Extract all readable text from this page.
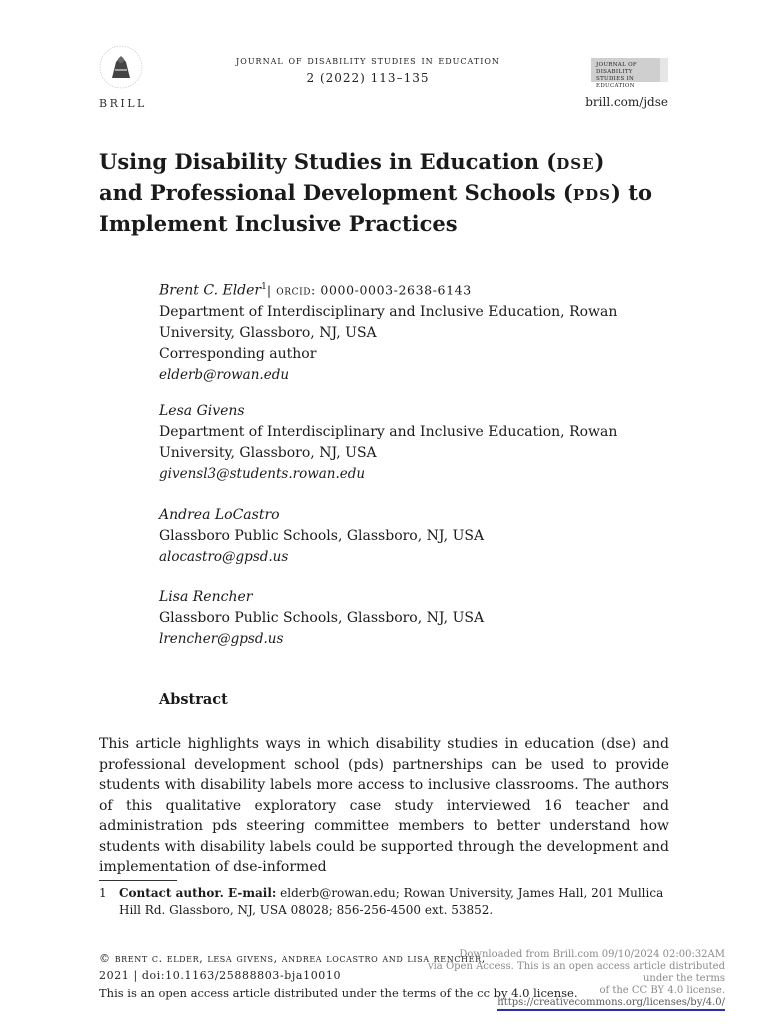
BRILL
journal of disability studies in education
2 (2022) 113–135
JOURNAL OF DISABILITY STUDIES IN EDUCATION
brill.com/jdse
Using Disability Studies in Education (dse)
and Professional Development Schools (pds) to
Implement Inclusive Practices
Brent C. Elder$^1$| orcid: 0000-0003-2638-6143
Department of Interdisciplinary and Inclusive Education, Rowan University, Glassboro, NJ, USA
Corresponding author
elderb@rowan.edu
Lesa Givens
Department of Interdisciplinary and Inclusive Education, Rowan University, Glassboro, NJ, USA
givensl3@students.rowan.edu
Andrea LoCastro
Glassboro Public Schools, Glassboro, NJ, USA
alocastro@gpsd.us
Lisa Rencher
Glassboro Public Schools, Glassboro, NJ, USA
lrencher@gpsd.us
Abstract
This article highlights ways in which disability studies in education (dse) and professional development school (pds) partnerships can be used to provide students with disability labels more access to inclusive classrooms. The authors of this qualitative exploratory case study interviewed 16 teacher and administration pds steering committee members to better understand how students with disability labels could be supported through the development and implementation of dse-informed
1 Contact author. E-mail: elderb@rowan.edu; Rowan University, James Hall, 201 Mullica Hill Rd. Glassboro, NJ, USA 08028; 856-256-4500 ext. 53852.
© brent c. elder, lesa givens, andrea locastro and lisa rencher,
2021 | doi:10.1163/25888803-bja10010
This is an open access article distributed under the terms of the cc by 4.0 license.
Downloaded from Brill.com 09/10/2024 02:00:32AM
via Open Access. This is an open access article distributed under the terms
of the CC BY 4.0 license.
https://creativecommons.org/licenses/by/4.0/
